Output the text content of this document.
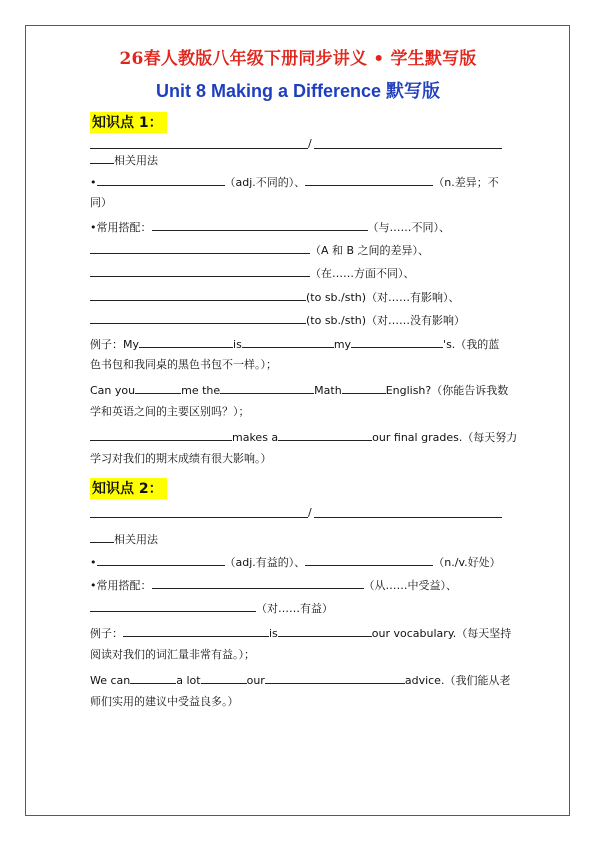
26春人教版八年级下册同步讲义 • 学生默写版
Unit 8 Making a Difference 默写版
知识点 1：
/
相关用法
•	（adj.不同的）、	（n.差异；不
同）
•常用搭配：	（与……不同）、
（A 和 B 之间的差异）、
（在……方面不同）、
(to sb./sth)（对……有影响）、
(to sb./sth)（对……没有影响）
例子：My	is	my	's.（我的蓝
色书包和我同桌的黑色书包不一样。）；
Can you	me the	Math	English?（你能告诉我数
学和英语之间的主要区别吗？）；
makes a	our final grades.（每天努力
学习对我们的期末成绩有很大影响。）
知识点 2：
/
相关用法
•	（adj.有益的）、	（n./v.好处）
•常用搭配：	（从……中受益）、
（对……有益）
例子：	is	our vocabulary.（每天坚持
阅读对我们的词汇量非常有益。）；
We can	a lot	our	advice.（我们能从老
师们实用的建议中受益良多。）
